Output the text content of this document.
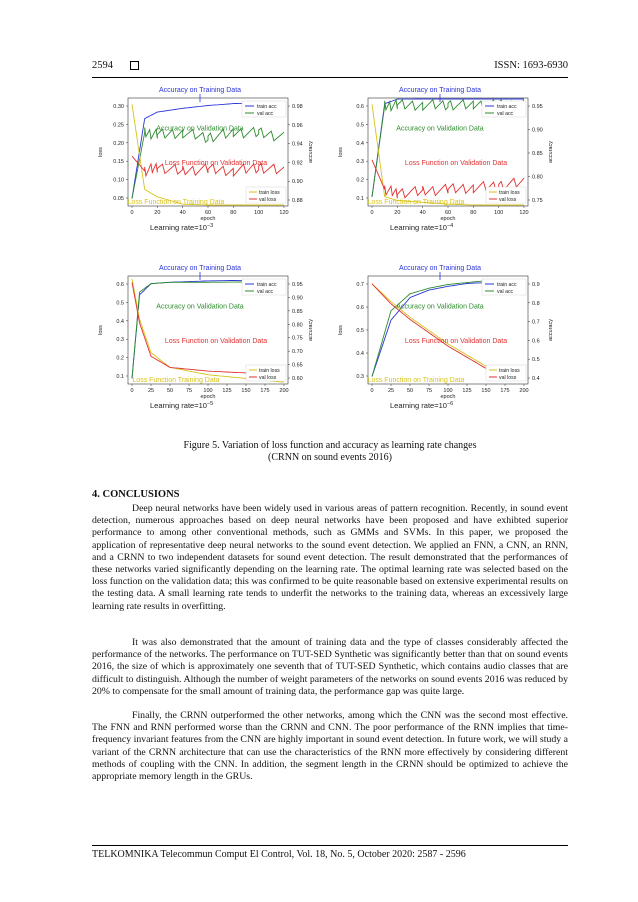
2594	ISSN: 1693-6930
0	20	40	60	80	100	120
0.05
0.10
0.15
0.20
0.25
0.30
0.88
0.90
0.92
0.94
0.96
0.98
epoch
loss	accuracy
train acc
val acc
train loss
val loss
Accuracy on Training Data
Accuracy on Validation Data
Loss Function on Validation Data
Loss Function on Training Data
Learning $rate=10^{-3}$
0	20	40	60	80	100	120
0.1
0.2
0.3
0.4
0.5
0.6
0.75
0.80
0.85
0.90
0.95
epoch
loss	accuracy
train acc
val acc
train loss
val loss
Accuracy on Training Data
Accuracy on Validation Data
Loss Function on Validation Data
Loss Function on Training Data
Learning $rate=10^{-4}$
0	25 50 75 100 125 150 175 200
0.1
0.2
0.3
0.4
0.5
0.6
0.60
0.65
0.70
0.75
0.80
0.85
0.90
0.95
epoch
loss	accuracy
train acc
val acc
train loss
val loss
Accuracy on Training Data
Accuracy on Validation Data
Loss Function on Validation Data
Loss Function Training Data
Learning $rate=10^{-5}$
0	25 50 75 100 125 150 175 200
0.3
0.4
0.5
0.6
0.7
0.4
0.5
0.6
0.7
0.8
0.9
epoch
loss	accuracy
train acc
val acc
train loss
val loss
Accuracy on Training Data
Accuracy on Validation Data
Loss Function on Validation Data
Loss Function on Training Data
Learning $rate=10^{-6}$
Figure 5. Variation of loss function and accuracy as learning rate changes
(CRNN on sound events 2016)
4. CONCLUSIONS

Deep neural networks have been widely used in various areas of pattern recognition. Recently, in sound event detection, numerous approaches based on deep neural networks have been proposed and have exhibted superior performance to among other conventional methods, such as GMMs and SVMs. In this paper, we proposed the application of representative deep neural networks to the sound event detection. We applied an FNN, a CNN, an RNN, and a CRNN to two independent datasets for sound event detection. The result demonstrated that the performances of these networks varied significantly depending on the learning rate. The optimal learning rate was selected based on the loss function on the validation data; this was confirmed to be quite reasonable based on extensive experimental results on the testing data. A small learning rate tends to underfit the networks to the training data, whereas an excessively large learning rate results in overfitting.

It was also demonstrated that the amount of training data and the type of classes considerably affected the performance of the networks. The performance on TUT-SED Synthetic was significantly better than that on sound events 2016, the size of which is approximately one seventh that of TUT-SED Synthetic, which contains audio classes that are difficult to distinguish. Although the number of weight parameters of the networks on sound events 2016 was reduced by 20% to compensate for the small amount of training data, the performance gap was quite large.

Finally, the CRNN outperformed the other networks, among which the CNN was the second most effective. The FNN and RNN performed worse than the CRNN and CNN. The poor performance of the RNN implies that time-frequency invariant features from the CNN are highly important in sound event detection. In future work, we will study a variant of the CRNN architecture that can use the characteristics of the RNN more effectively by considering different methods of coupling with the CNN. In addition, the segment length in the CRNN should be optimized to achieve the appropriate memory length in the GRUs.

TELKOMNIKA Telecommun Comput El Control, Vol. 18, No. 5, October 2020: 2587 - 2596
